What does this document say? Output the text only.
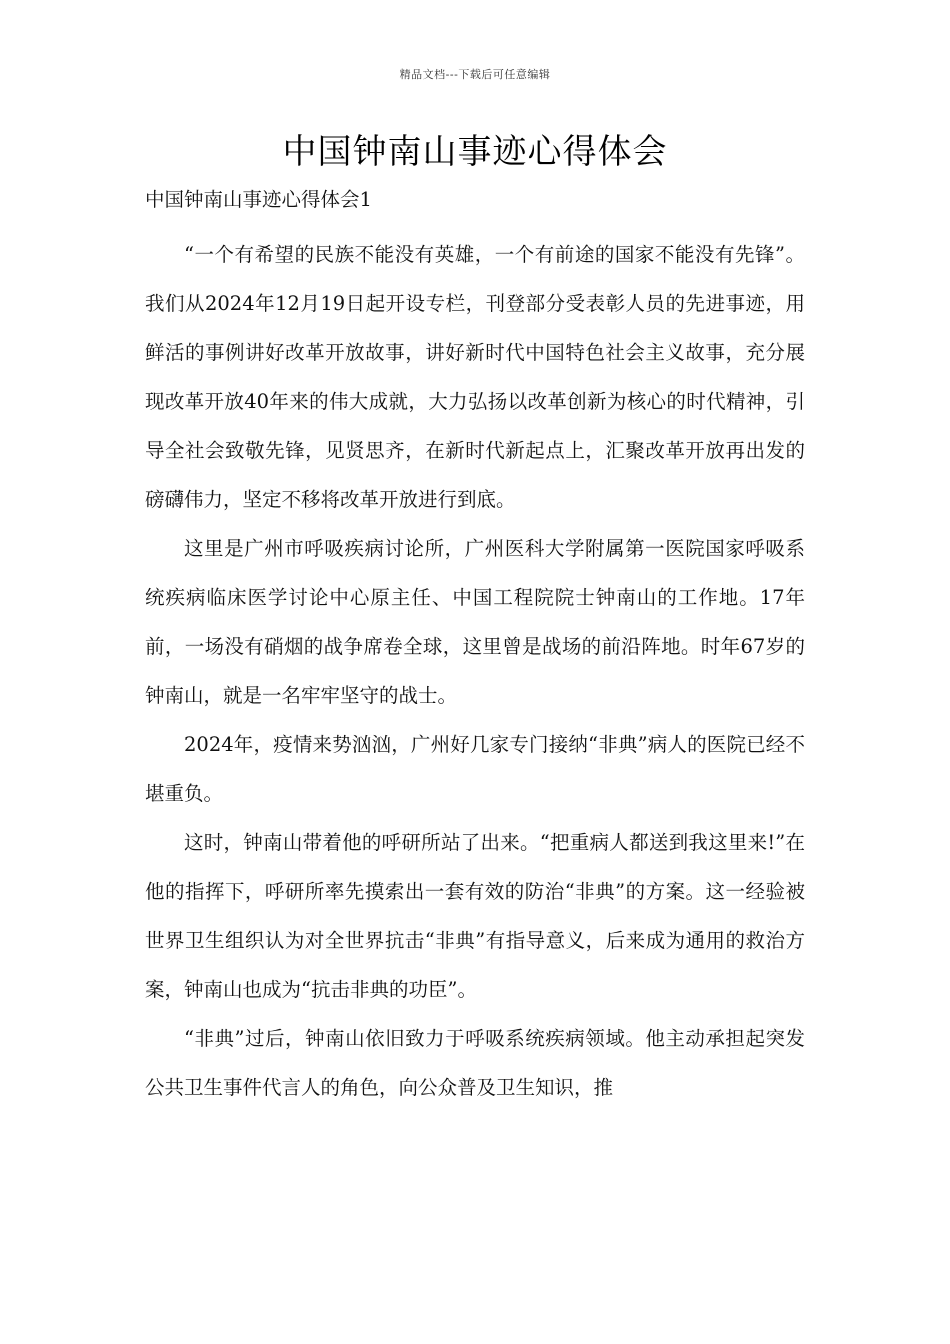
精品文档---下载后可任意编辑
中国钟南山事迹心得体会

中国钟南山事迹心得体会1

“一个有希望的民族不能没有英雄，一个有前途的国家不能没有先锋”。我们从2024年12月19日起开设专栏，刊登部分受表彰人员的先进事迹，用鲜活的事例讲好改革开放故事，讲好新时代中国特色社会主义故事，充分展现改革开放40年来的伟大成就，大力弘扬以改革创新为核心的时代精神，引导全社会致敬先锋，见贤思齐，在新时代新起点上，汇聚改革开放再出发的磅礴伟力，坚定不移将改革开放进行到底。

这里是广州市呼吸疾病讨论所，广州医科大学附属第一医院国家呼吸系统疾病临床医学讨论中心原主任、中国工程院院士钟南山的工作地。17年前，一场没有硝烟的战争席卷全球，这里曾是战场的前沿阵地。时年67岁的钟南山，就是一名牢牢坚守的战士。

2024年，疫情来势汹汹，广州好几家专门接纳“非典”病人的医院已经不堪重负。

这时，钟南山带着他的呼研所站了出来。“把重病人都送到我这里来!”在他的指挥下，呼研所率先摸索出一套有效的防治“非典”的方案。这一经验被世界卫生组织认为对全世界抗击“非典”有指导意义，后来成为通用的救治方案，钟南山也成为“抗击非典的功臣”。

“非典”过后，钟南山依旧致力于呼吸系统疾病领域。他主动承担起突发公共卫生事件代言人的角色，向公众普及卫生知识，推
